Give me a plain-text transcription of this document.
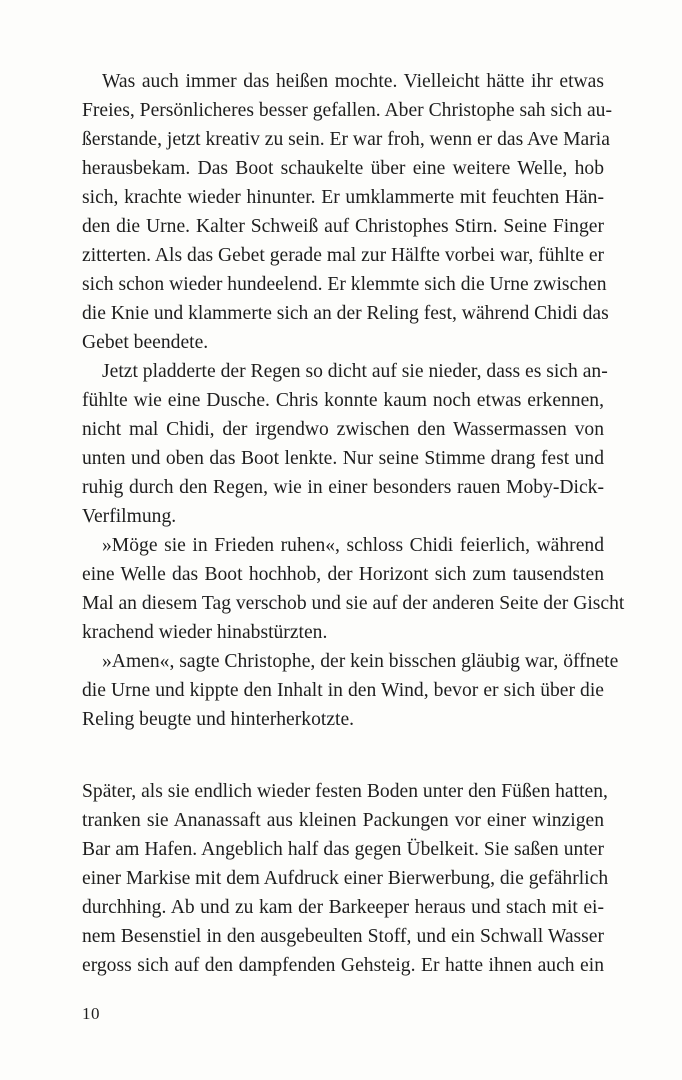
Was auch immer das heißen mochte. Vielleicht hätte ihr etwas
Freies, Persönlicheres besser gefallen. Aber Christophe sah sich au-
ßerstande, jetzt kreativ zu sein. Er war froh, wenn er das Ave Maria
herausbekam. Das Boot schaukelte über eine weitere Welle, hob
sich, krachte wieder hinunter. Er umklammerte mit feuchten Hän-
den die Urne. Kalter Schweiß auf Christophes Stirn. Seine Finger
zitterten. Als das Gebet gerade mal zur Hälfte vorbei war, fühlte er
sich schon wieder hundeelend. Er klemmte sich die Urne zwischen
die Knie und klammerte sich an der Reling fest, während Chidi das
Gebet beendete.
Jetzt pladderte der Regen so dicht auf sie nieder, dass es sich an-
fühlte wie eine Dusche. Chris konnte kaum noch etwas erkennen,
nicht mal Chidi, der irgendwo zwischen den Wassermassen von
unten und oben das Boot lenkte. Nur seine Stimme drang fest und
ruhig durch den Regen, wie in einer besonders rauen Moby-Dick-
Verfilmung.
»Möge sie in Frieden ruhen«, schloss Chidi feierlich, während
eine Welle das Boot hochhob, der Horizont sich zum tausendsten
Mal an diesem Tag verschob und sie auf der anderen Seite der Gischt
krachend wieder hinabstürzten.
»Amen«, sagte Christophe, der kein bisschen gläubig war, öffnete
die Urne und kippte den Inhalt in den Wind, bevor er sich über die
Reling beugte und hinterherkotzte.
Später, als sie endlich wieder festen Boden unter den Füßen hatten,
tranken sie Ananassaft aus kleinen Packungen vor einer winzigen
Bar am Hafen. Angeblich half das gegen Übelkeit. Sie saßen unter
einer Markise mit dem Aufdruck einer Bierwerbung, die gefährlich
durchhing. Ab und zu kam der Barkeeper heraus und stach mit ei-
nem Besenstiel in den ausgebeulten Stoff, und ein Schwall Wasser
ergoss sich auf den dampfenden Gehsteig. Er hatte ihnen auch ein
10
